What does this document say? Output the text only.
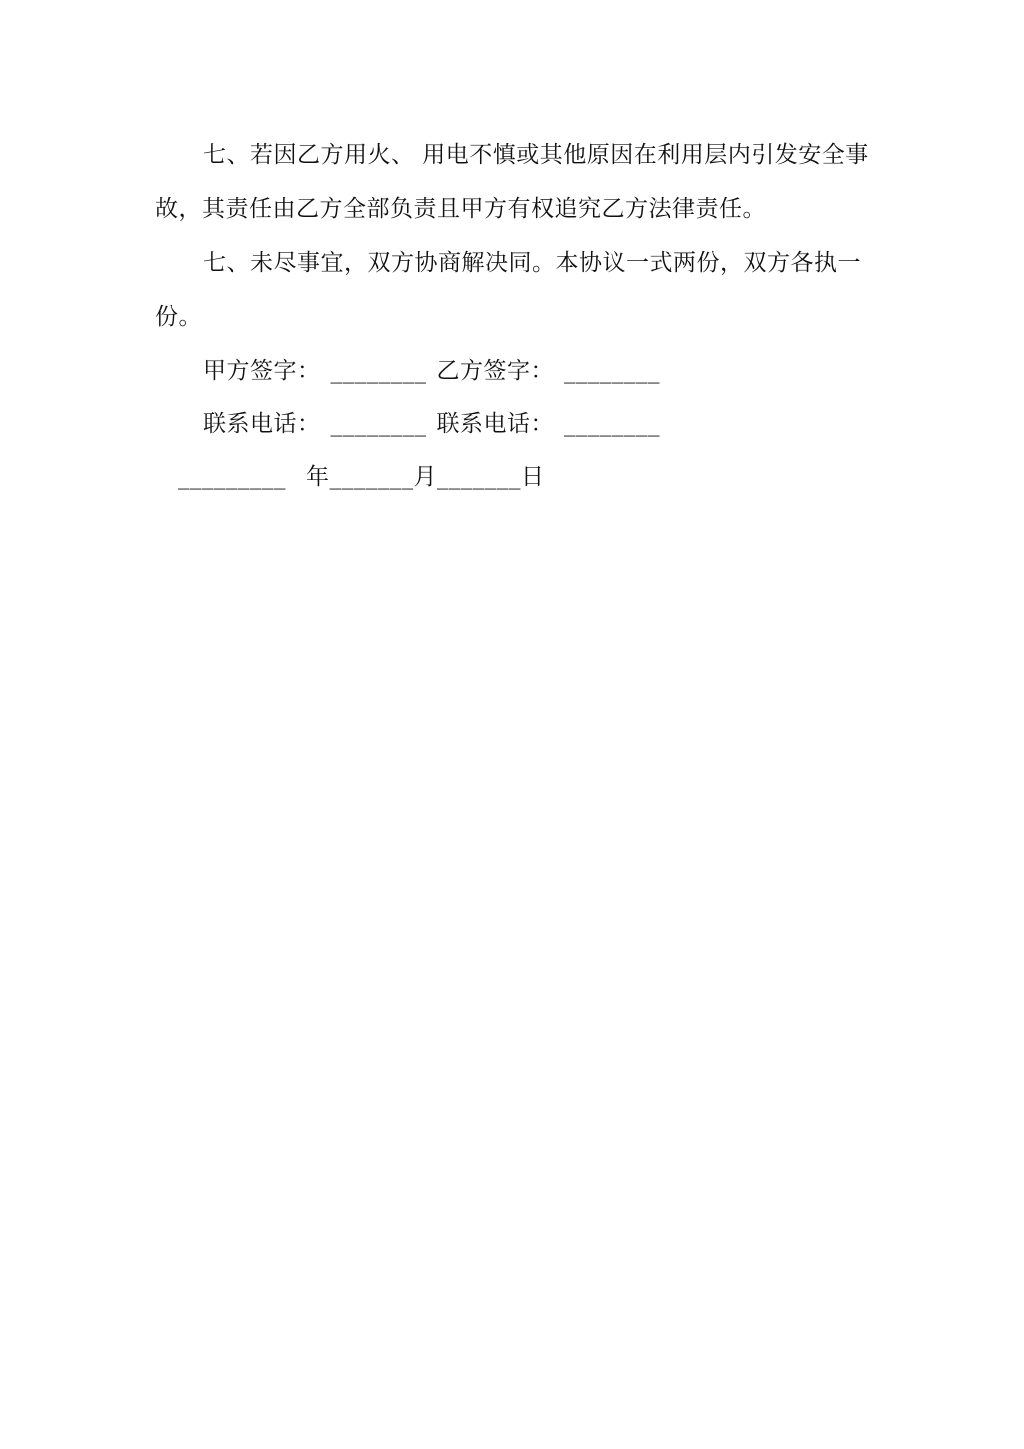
七、若因乙方用火、 用电不慎或其他原因在利用层内引发安全事
故，其责任由乙方全部负责且甲方有权追究乙方法律责任。
七、未尽事宜，双方协商解决同。本协议一式两份，双方各执一
份。
甲方签字： ________ 乙方签字： ________
联系电话： ________ 联系电话： ________
_________ 年_______月_______日
